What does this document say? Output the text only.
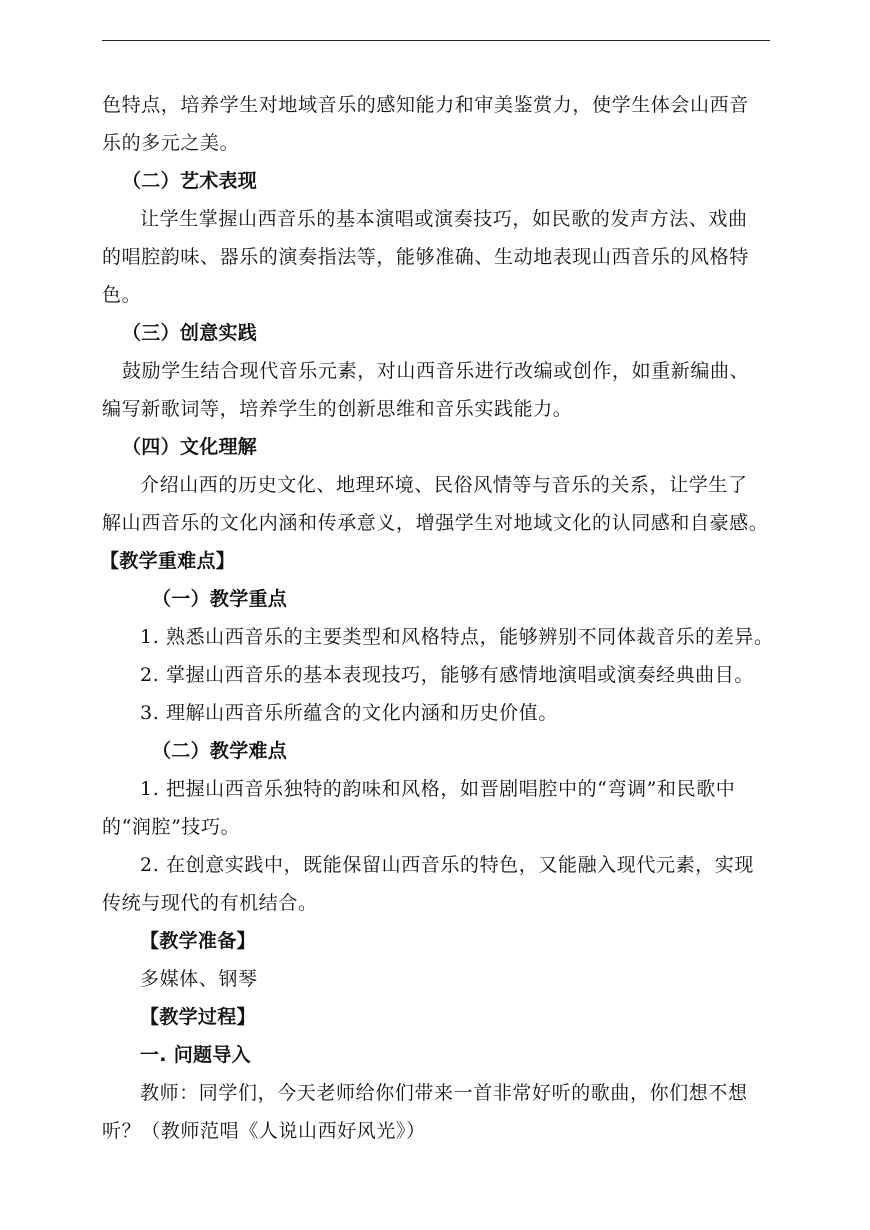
色特点，培养学生对地域音乐的感知能力和审美鉴赏力，使学生体会山西音
乐的多元之美。
（二）艺术表现
让学生掌握山西音乐的基本演唱或演奏技巧，如民歌的发声方法、戏曲
的唱腔韵味、器乐的演奏指法等，能够准确、生动地表现山西音乐的风格特
色。
（三）创意实践
鼓励学生结合现代音乐元素，对山西音乐进行改编或创作，如重新编曲、
编写新歌词等，培养学生的创新思维和音乐实践能力。
（四）文化理解
介绍山西的历史文化、地理环境、民俗风情等与音乐的关系，让学生了
解山西音乐的文化内涵和传承意义，增强学生对地域文化的认同感和自豪感。
【教学重难点】
（一）教学重点
1. 熟悉山西音乐的主要类型和风格特点，能够辨别不同体裁音乐的差异。
2. 掌握山西音乐的基本表现技巧，能够有感情地演唱或演奏经典曲目。
3. 理解山西音乐所蕴含的文化内涵和历史价值。
（二）教学难点
1. 把握山西音乐独特的韵味和风格，如晋剧唱腔中的“弯调”和民歌中
的“润腔”技巧。
2. 在创意实践中，既能保留山西音乐的特色，又能融入现代元素，实现
传统与现代的有机结合。
【教学准备】
多媒体、钢琴
【教学过程】
一. 问题导入
教师：同学们，今天老师给你们带来一首非常好听的歌曲，你们想不想
听？（教师范唱《人说山西好风光》）
